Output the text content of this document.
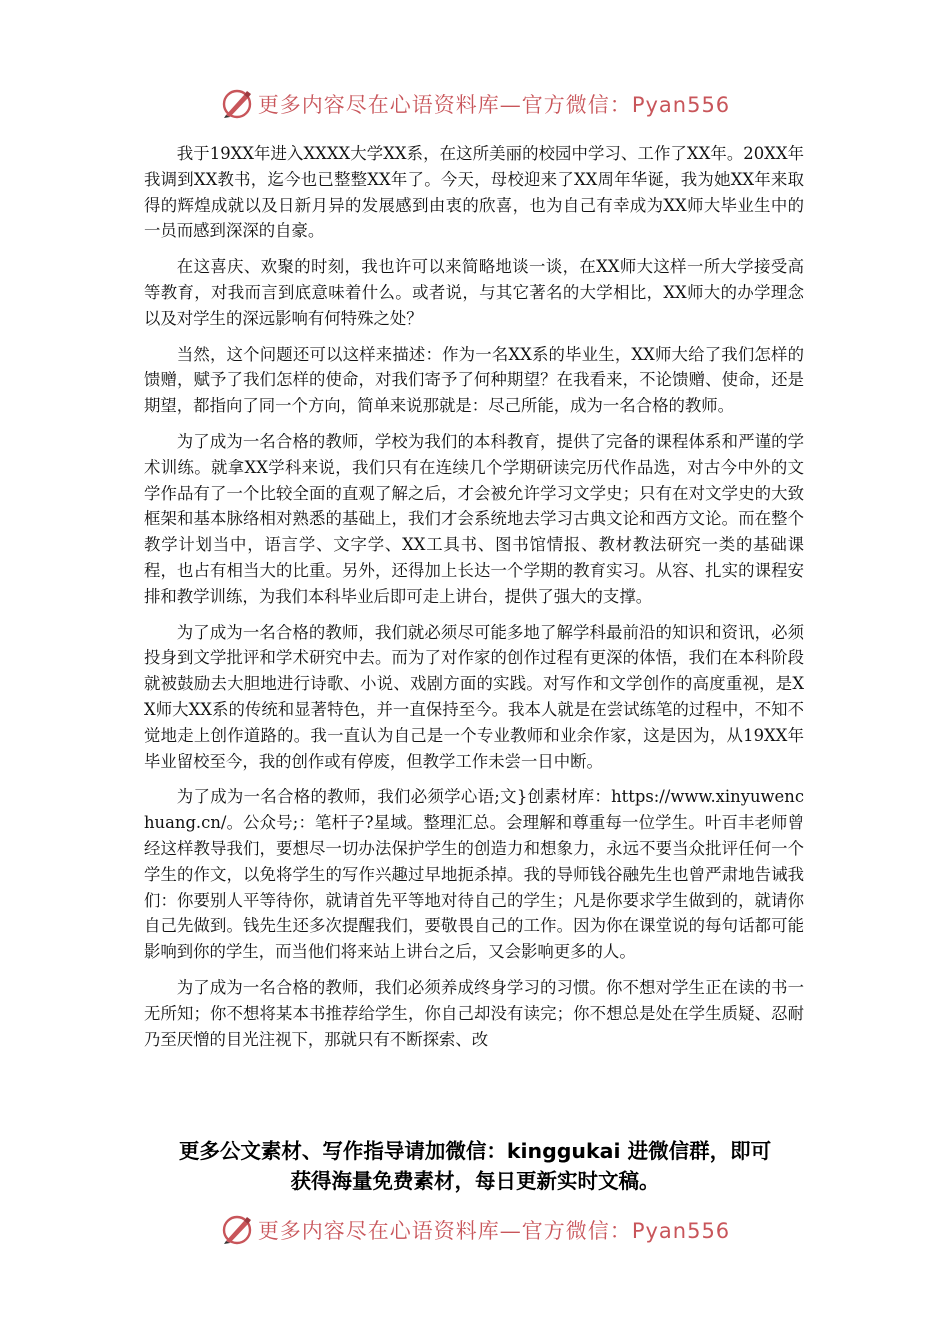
更多内容尽在心语资料库—官方微信：Pyan556

我于19XX年进入XXXX大学XX系，在这所美丽的校园中学习、工作了XX年。20XX年我调到XX教书，迄今也已整整XX年了。今天，母校迎来了XX周年华诞，我为她XX年来取得的辉煌成就以及日新月异的发展感到由衷的欣喜，也为自己有幸成为XX师大毕业生中的一员而感到深深的自豪。

在这喜庆、欢聚的时刻，我也许可以来简略地谈一谈，在XX师大这样一所大学接受高等教育，对我而言到底意味着什么。或者说，与其它著名的大学相比，XX师大的办学理念以及对学生的深远影响有何特殊之处？

当然，这个问题还可以这样来描述：作为一名XX系的毕业生，XX师大给了我们怎样的馈赠，赋予了我们怎样的使命，对我们寄予了何种期望？在我看来，不论馈赠、使命，还是期望，都指向了同一个方向，简单来说那就是：尽己所能，成为一名合格的教师。

为了成为一名合格的教师，学校为我们的本科教育，提供了完备的课程体系和严谨的学术训练。就拿XX学科来说，我们只有在连续几个学期研读完历代作品选，对古今中外的文学作品有了一个比较全面的直观了解之后，才会被允许学习文学史；只有在对文学史的大致框架和基本脉络相对熟悉的基础上，我们才会系统地去学习古典文论和西方文论。而在整个教学计划当中，语言学、文字学、XX工具书、图书馆情报、教材教法研究一类的基础课程，也占有相当大的比重。另外，还得加上长达一个学期的教育实习。从容、扎实的课程安排和教学训练，为我们本科毕业后即可走上讲台，提供了强大的支撑。

为了成为一名合格的教师，我们就必须尽可能多地了解学科最前沿的知识和资讯，必须投身到文学批评和学术研究中去。而为了对作家的创作过程有更深的体悟，我们在本科阶段就被鼓励去大胆地进行诗歌、小说、戏剧方面的实践。对写作和文学创作的高度重视，是XX师大XX系的传统和显著特色，并一直保持至今。我本人就是在尝试练笔的过程中，不知不觉地走上创作道路的。我一直认为自己是一个专业教师和业余作家，这是因为，从19XX年毕业留校至今，我的创作或有停废，但教学工作未尝一日中断。

为了成为一名合格的教师，我们必须学心语;文}创素材库：https://www.xinyuwenchuang.cn/。公众号;：笔杆子?星域。整理汇总。会理解和尊重每一位学生。叶百丰老师曾经这样教导我们，要想尽一切办法保护学生的创造力和想象力，永远不要当众批评任何一个学生的作文，以免将学生的写作兴趣过早地扼杀掉。我的导师钱谷融先生也曾严肃地告诫我们：你要别人平等待你，就请首先平等地对待自己的学生；凡是你要求学生做到的，就请你自己先做到。钱先生还多次提醒我们，要敬畏自己的工作。因为你在课堂说的每句话都可能影响到你的学生，而当他们将来站上讲台之后，又会影响更多的人。

为了成为一名合格的教师，我们必须养成终身学习的习惯。你不想对学生正在读的书一无所知；你不想将某本书推荐给学生，你自己却没有读完；你不想总是处在学生质疑、忍耐乃至厌憎的目光注视下，那就只有不断探索、改

更多公文素材、写作指导请加微信：kinggukai 进微信群，即可
获得海量免费素材，每日更新实时文稿。
更多内容尽在心语资料库—官方微信：Pyan556
